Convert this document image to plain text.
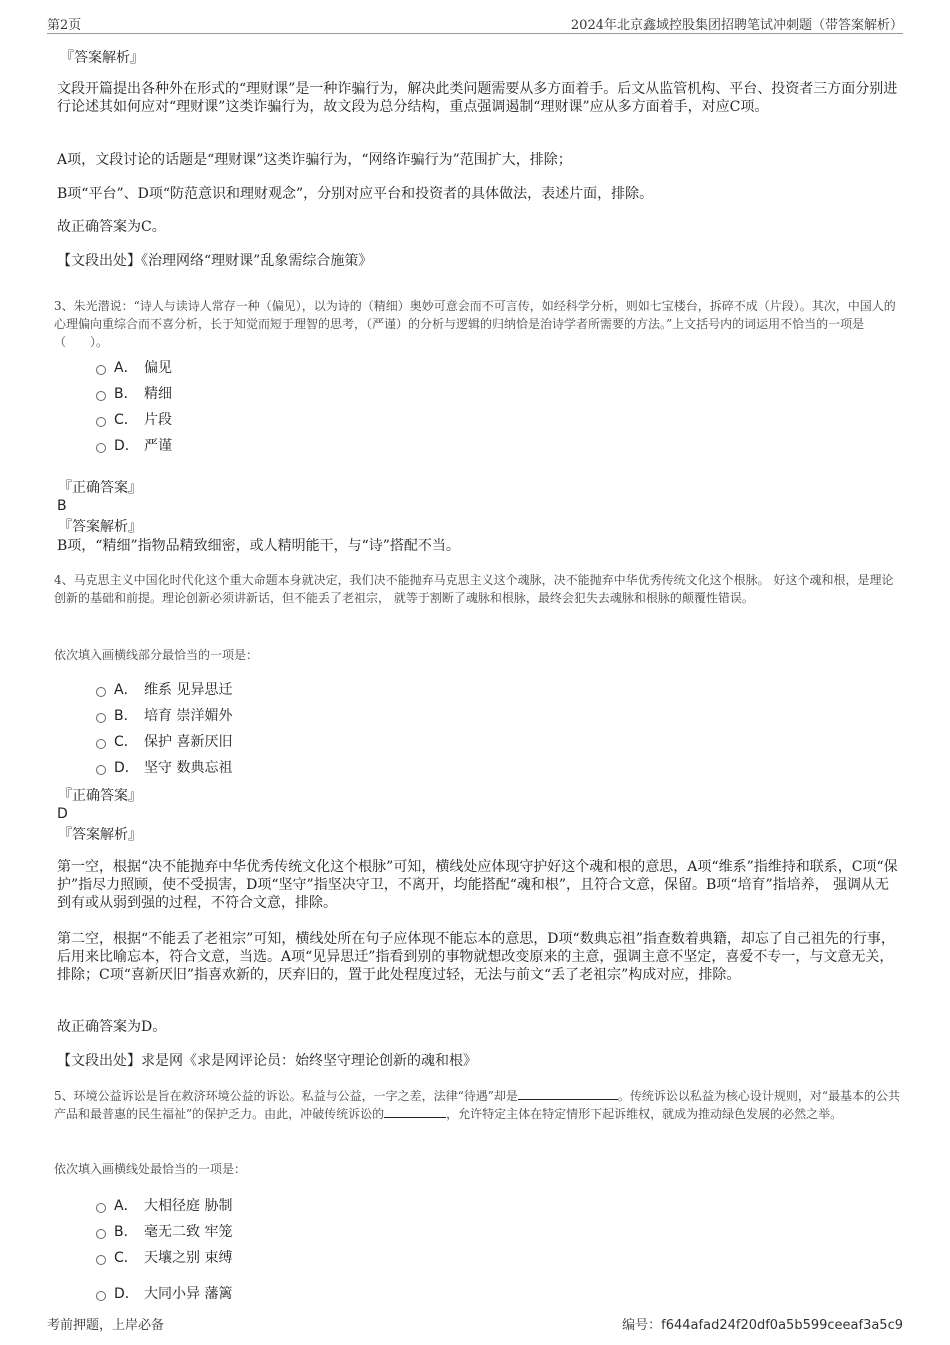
第2页	2024年北京鑫域控股集团招聘笔试冲刺题（带答案解析）
『答案解析』
文段开篇提出各种外在形式的“理财课”是一种诈骗行为，解决此类问题需要从多方面着手。后文从监管机构、平台、投资者三方面分别进行论述其如何应对“理财课”这类诈骗行为，故文段为总分结构，重点强调遏制“理财课”应从多方面着手，对应C项。
A项，文段讨论的话题是“理财课”这类诈骗行为，“网络诈骗行为”范围扩大，排除；
B项“平台”、D项“防范意识和理财观念”，分别对应平台和投资者的具体做法，表述片面，排除。
故正确答案为C。
【文段出处】《治理网络“理财课”乱象需综合施策》
3、朱光潜说：“诗人与读诗人常存一种（偏见），以为诗的（精细）奥妙可意会而不可言传，如经科学分析，则如七宝楼台，拆碎不成（片段）。其次，中国人的心理偏向重综合而不喜分析，长于知觉而短于理智的思考，（严谨）的分析与逻辑的归纳恰是治诗学者所需要的方法。”上文括号内的词运用不恰当的一项是（　　）。
A． 偏见
B． 精细
C． 片段
D． 严谨
『正确答案』
B
『答案解析』
B项，“精细”指物品精致细密，或人精明能干，与“诗”搭配不当。
4、马克思主义中国化时代化这个重大命题本身就决定，我们决不能抛弃马克思主义这个魂脉，决不能抛弃中华优秀传统文化这个根脉。 好这个魂和根，是理论创新的基础和前提。理论创新必须讲新话，但不能丢了老祖宗， 就等于割断了魂脉和根脉，最终会犯失去魂脉和根脉的颠覆性错误。
依次填入画横线部分最恰当的一项是：
A． 维系 见异思迁
B． 培育 崇洋媚外
C． 保护 喜新厌旧
D． 坚守 数典忘祖
『正确答案』
D
『答案解析』
第一空，根据“决不能抛弃中华优秀传统文化这个根脉”可知，横线处应体现守护好这个魂和根的意思，A项“维系”指维持和联系，C项“保护”指尽力照顾，使不受损害，D项“坚守”指坚决守卫，不离开，均能搭配“魂和根”，且符合文意，保留。B项“培育”指培养， 强调从无到有或从弱到强的过程，不符合文意，排除。
第二空，根据“不能丢了老祖宗”可知，横线处所在句子应体现不能忘本的意思，D项“数典忘祖”指查数着典籍，却忘了自己祖先的行事，后用来比喻忘本，符合文意，当选。A项“见异思迁”指看到别的事物就想改变原来的主意，强调主意不坚定，喜爱不专一，与文意无关，排除；C项“喜新厌旧”指喜欢新的，厌弃旧的，置于此处程度过轻，无法与前文“丢了老祖宗”构成对应，排除。
故正确答案为D。
【文段出处】求是网《求是网评论员：始终坚守理论创新的魂和根》
5、环境公益诉讼是旨在救济环境公益的诉讼。私益与公益，一字之差，法律“待遇”却是	。传统诉讼以私益为核心设计规则，对“最基本的公共产品和最普惠的民生福祉”的保护乏力。由此，冲破传统诉讼的	，允许特定主体在特定情形下起诉维权，就成为推动绿色发展的必然之举。
依次填入画横线处最恰当的一项是：
A． 大相径庭 胁制
B． 毫无二致 牢笼
C． 天壤之别 束缚
D． 大同小异 藩篱
考前押题，上岸必备	编号：f644afad24f20df0a5b599ceeaf3a5c9
